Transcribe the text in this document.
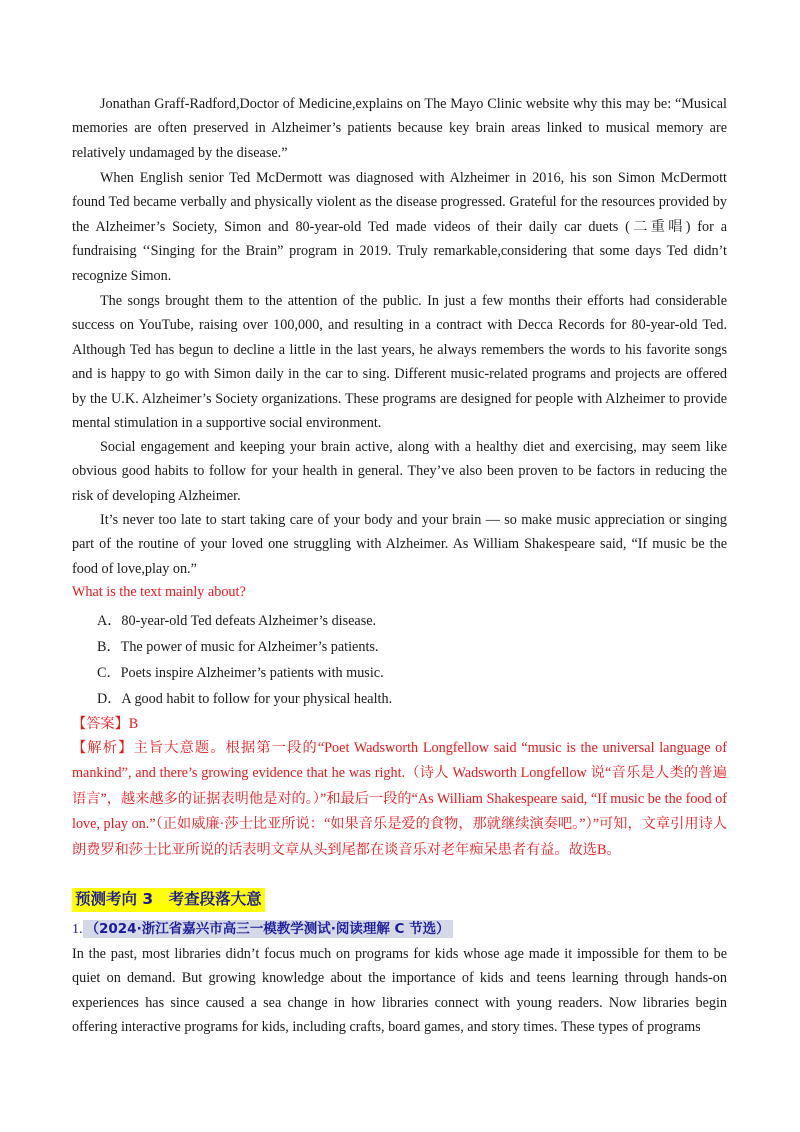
Jonathan Graff-Radford,Doctor of Medicine,explains on The Mayo Clinic website why this may be: “Musical memories are often preserved in Alzheimer’s patients because key brain areas linked to musical memory are relatively undamaged by the disease.”

When English senior Ted McDermott was diagnosed with Alzheimer in 2016, his son Simon McDermott found Ted became verbally and physically violent as the disease progressed. Grateful for the resources provided by the Alzheimer’s Society, Simon and 80-year-old Ted made videos of their daily car duets (二重唱) for a fundraising ‘‘Singing for the Brain” program in 2019. Truly remarkable,considering that some days Ted didn’t recognize Simon.

The songs brought them to the attention of the public. In just a few months their efforts had considerable success on YouTube, raising over 100,000, and resulting in a contract with Decca Records for 80-year-old Ted. Although Ted has begun to decline a little in the last years, he always remembers the words to his favorite songs and is happy to go with Simon daily in the car to sing. Different music-related programs and projects are offered by the U.K. Alzheimer’s Society organizations. These programs are designed for people with Alzheimer to provide mental stimulation in a supportive social environment.

Social engagement and keeping your brain active, along with a healthy diet and exercising, may seem like obvious good habits to follow for your health in general. They’ve also been proven to be factors in reducing the risk of developing Alzheimer.

It’s never too late to start taking care of your body and your brain — so make music appreciation or singing part of the routine of your loved one struggling with Alzheimer. As William Shakespeare said, “If music be the food of love,play on.”

What is the text mainly about?

A．80-year-old Ted defeats Alzheimer’s disease.

B．The power of music for Alzheimer’s patients.

C．Poets inspire Alzheimer’s patients with music.

D．A good habit to follow for your physical health.

【答案】B

【解析】主旨大意题。根据第一段的“Poet Wadsworth Longfellow said “music is the universal language of mankind”, and there’s growing evidence that he was right.（诗人 Wadsworth Longfellow 说“音乐是人类的普遍语言”，越来越多的证据表明他是对的。）”和最后一段的“As William Shakespeare said, “If music be the food of love, play on.”（正如威廉·莎士比亚所说：“如果音乐是爱的食物，那就继续演奏吧。”）”可知，文章引用诗人朗费罗和莎士比亚所说的话表明文章从头到尾都在谈音乐对老年痴呆患者有益。故选B。

预测考向 3　考查段落大意
1. （2024·浙江省嘉兴市高三一模教学测试·阅读理解 C 节选）

In the past, most libraries didn’t focus much on programs for kids whose age made it impossible for them to be quiet on demand. But growing knowledge about the importance of kids and teens learning through hands-on experiences has since caused a sea change in how libraries connect with young readers. Now libraries begin offering interactive programs for kids, including crafts, board games, and story times. These types of programs
